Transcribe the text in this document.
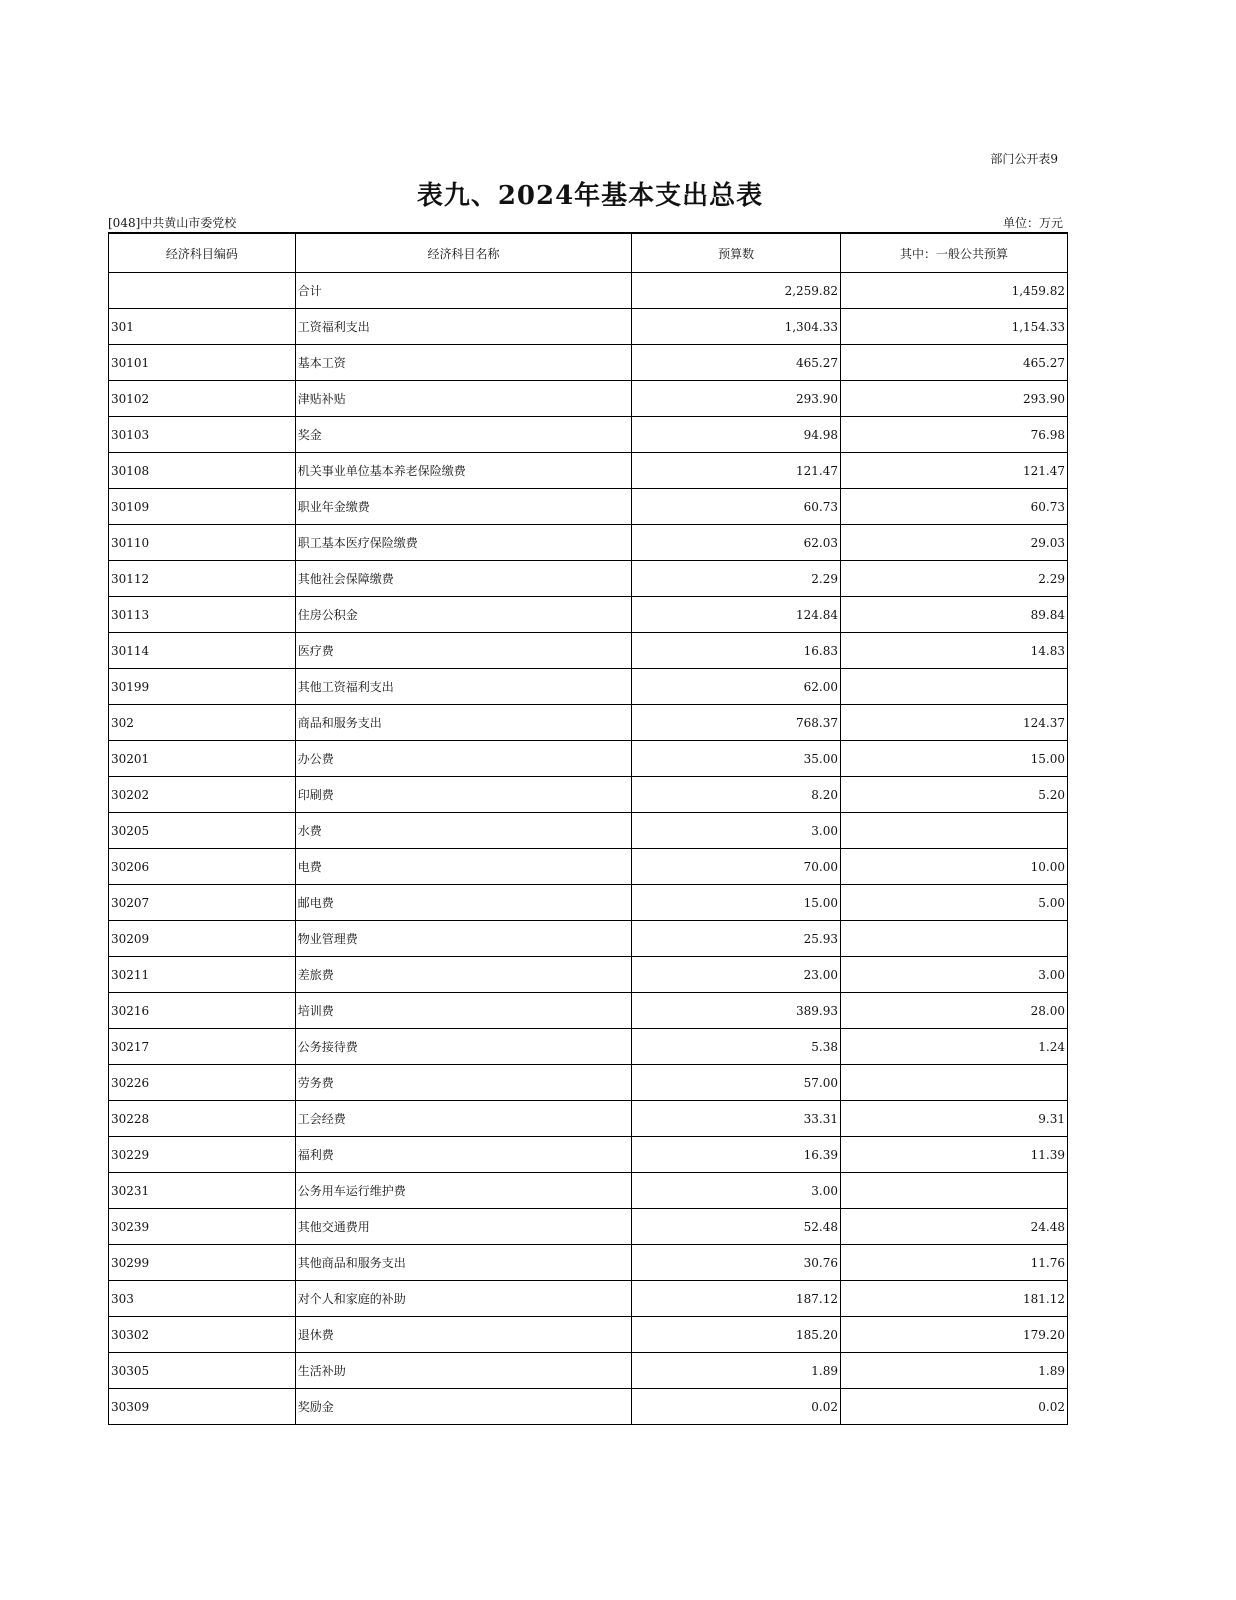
部门公开表9
表九、2024年基本支出总表
[048]中共黄山市委党校	单位：万元
经济科目编码	经济科目名称	预算数	其中：一般公共预算
	合计	2,259.82	1,459.82
301	工资福利支出	1,304.33	1,154.33
30101	基本工资	465.27	465.27
30102	津贴补贴	293.90	293.90
30103	奖金	94.98	76.98
30108	机关事业单位基本养老保险缴费	121.47	121.47
30109	职业年金缴费	60.73	60.73
30110	职工基本医疗保险缴费	62.03	29.03
30112	其他社会保障缴费	2.29	2.29
30113	住房公积金	124.84	89.84
30114	医疗费	16.83	14.83
30199	其他工资福利支出	62.00	
302	商品和服务支出	768.37	124.37
30201	办公费	35.00	15.00
30202	印刷费	8.20	5.20
30205	水费	3.00	
30206	电费	70.00	10.00
30207	邮电费	15.00	5.00
30209	物业管理费	25.93	
30211	差旅费	23.00	3.00
30216	培训费	389.93	28.00
30217	公务接待费	5.38	1.24
30226	劳务费	57.00	
30228	工会经费	33.31	9.31
30229	福利费	16.39	11.39
30231	公务用车运行维护费	3.00	
30239	其他交通费用	52.48	24.48
30299	其他商品和服务支出	30.76	11.76
303	对个人和家庭的补助	187.12	181.12
30302	退休费	185.20	179.20
30305	生活补助	1.89	1.89
30309	奖励金	0.02	0.02
